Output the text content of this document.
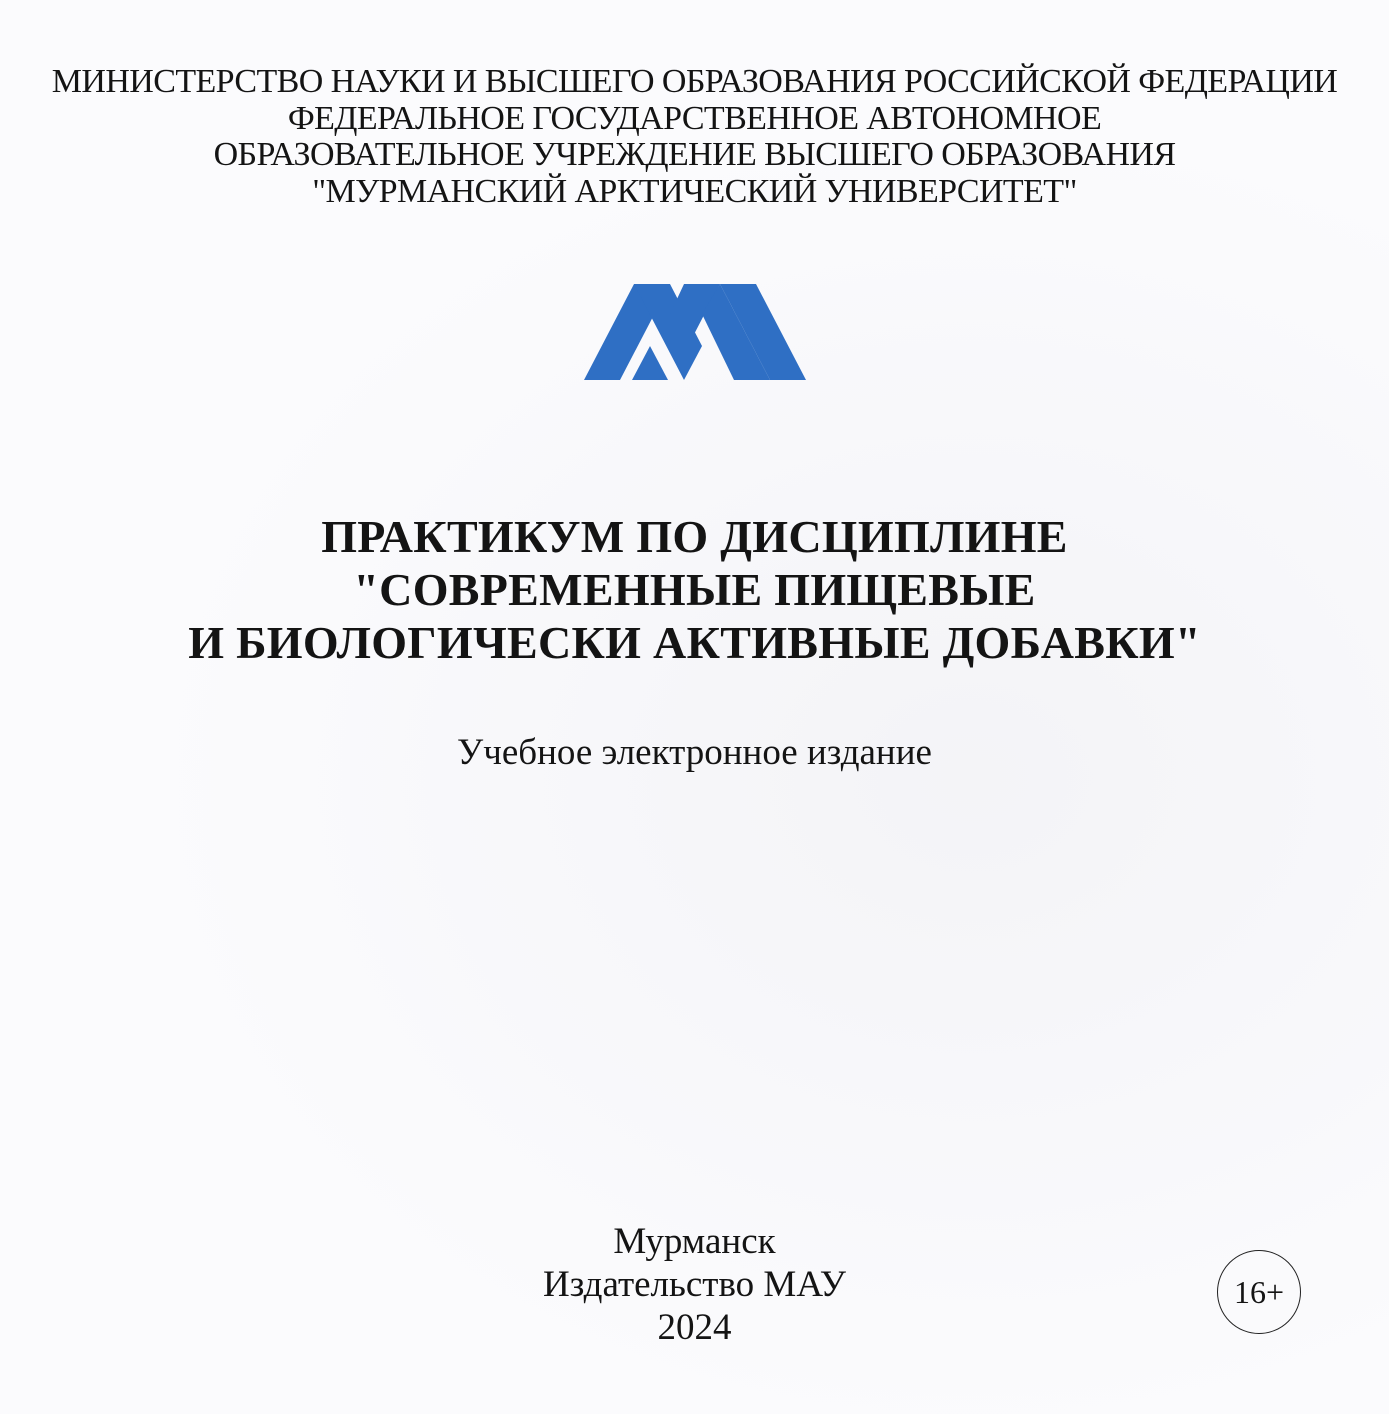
МИНИСТЕРСТВО НАУКИ И ВЫСШЕГО ОБРАЗОВАНИЯ РОССИЙСКОЙ ФЕДЕРАЦИИ
ФЕДЕРАЛЬНОЕ ГОСУДАРСТВЕННОЕ АВТОНОМНОЕ
ОБРАЗОВАТЕЛЬНОЕ УЧРЕЖДЕНИЕ ВЫСШЕГО ОБРАЗОВАНИЯ
"МУРМАНСКИЙ АРКТИЧЕСКИЙ УНИВЕРСИТЕТ"
ПРАКТИКУМ ПО ДИСЦИПЛИНЕ
"СОВРЕМЕННЫЕ ПИЩЕВЫЕ
И БИОЛОГИЧЕСКИ АКТИВНЫЕ ДОБАВКИ"
Учебное электронное издание
Мурманск
Издательство МАУ
2024
16+
